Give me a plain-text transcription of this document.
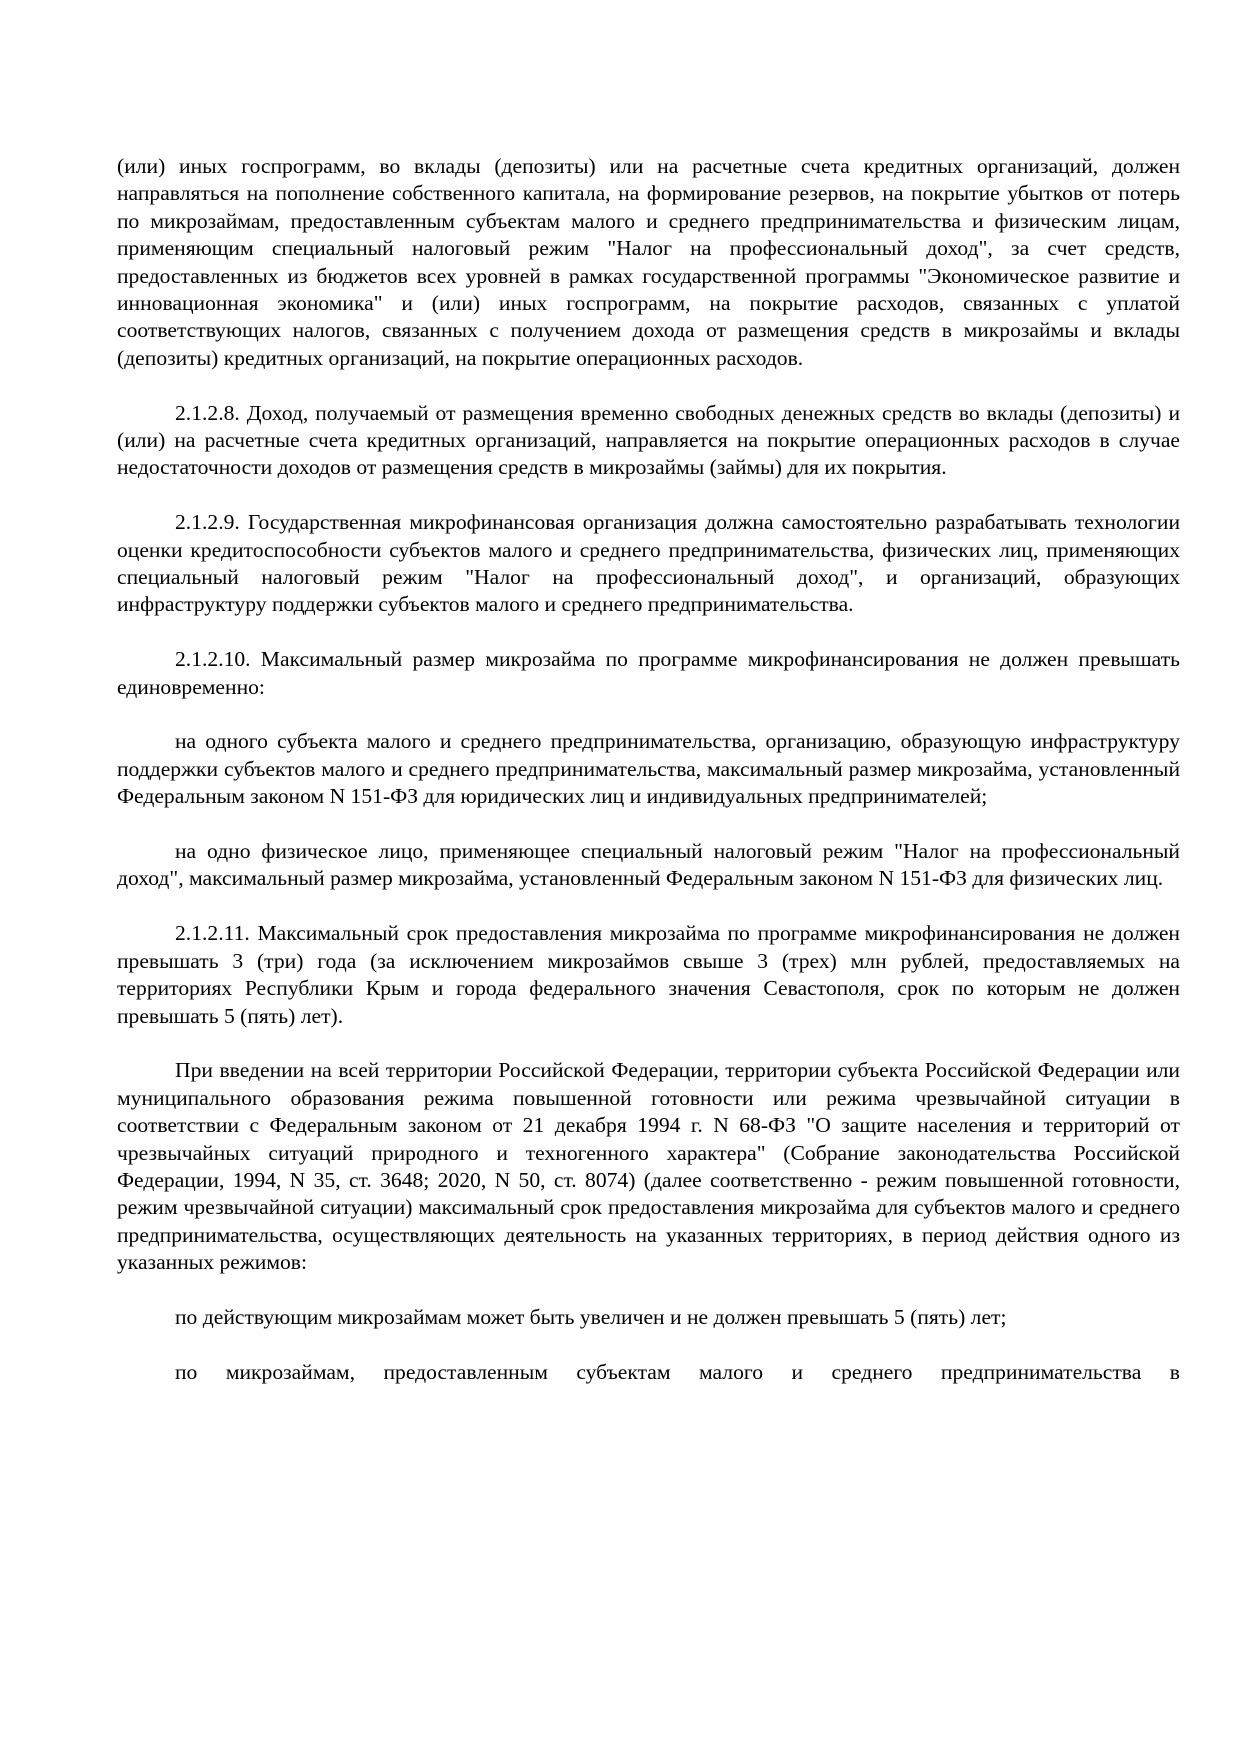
(или) иных госпрограмм, во вклады (депозиты) или на расчетные счета кредитных организаций, должен направляться на пополнение собственного капитала, на формирование резервов, на покрытие убытков от потерь по микрозаймам, предоставленным субъектам малого и среднего предпринимательства и физическим лицам, применяющим специальный налоговый режим "Налог на профессиональный доход", за счет средств, предоставленных из бюджетов всех уровней в рамках государственной программы "Экономическое развитие и инновационная экономика" и (или) иных госпрограмм, на покрытие расходов, связанных с уплатой соответствующих налогов, связанных с получением дохода от размещения средств в микрозаймы и вклады (депозиты) кредитных организаций, на покрытие операционных расходов.

2.1.2.8. Доход, получаемый от размещения временно свободных денежных средств во вклады (депозиты) и (или) на расчетные счета кредитных организаций, направляется на покрытие операционных расходов в случае недостаточности доходов от размещения средств в микрозаймы (займы) для их покрытия.

2.1.2.9. Государственная микрофинансовая организация должна самостоятельно разрабатывать технологии оценки кредитоспособности субъектов малого и среднего предпринимательства, физических лиц, применяющих специальный налоговый режим "Налог на профессиональный доход", и организаций, образующих инфраструктуру поддержки субъектов малого и среднего предпринимательства.

2.1.2.10. Максимальный размер микрозайма по программе микрофинансирования не должен превышать единовременно:

на одного субъекта малого и среднего предпринимательства, организацию, образующую инфраструктуру поддержки субъектов малого и среднего предпринимательства, максимальный размер микрозайма, установленный Федеральным законом N 151-ФЗ для юридических лиц и индивидуальных предпринимателей;

на одно физическое лицо, применяющее специальный налоговый режим "Налог на профессиональный доход", максимальный размер микрозайма, установленный Федеральным законом N 151-ФЗ для физических лиц.

2.1.2.11. Максимальный срок предоставления микрозайма по программе микрофинансирования не должен превышать 3 (три) года (за исключением микрозаймов свыше 3 (трех) млн рублей, предоставляемых на территориях Республики Крым и города федерального значения Севастополя, срок по которым не должен превышать 5 (пять) лет).

При введении на всей территории Российской Федерации, территории субъекта Российской Федерации или муниципального образования режима повышенной готовности или режима чрезвычайной ситуации в соответствии с Федеральным законом от 21 декабря 1994 г. N 68-ФЗ "О защите населения и территорий от чрезвычайных ситуаций природного и техногенного характера" (Собрание законодательства Российской Федерации, 1994, N 35, ст. 3648; 2020, N 50, ст. 8074) (далее соответственно - режим повышенной готовности, режим чрезвычайной ситуации) максимальный срок предоставления микрозайма для субъектов малого и среднего предпринимательства, осуществляющих деятельность на указанных территориях, в период действия одного из указанных режимов:

по действующим микрозаймам может быть увеличен и не должен превышать 5 (пять) лет;

по микрозаймам, предоставленным субъектам малого и среднего предпринимательства в
